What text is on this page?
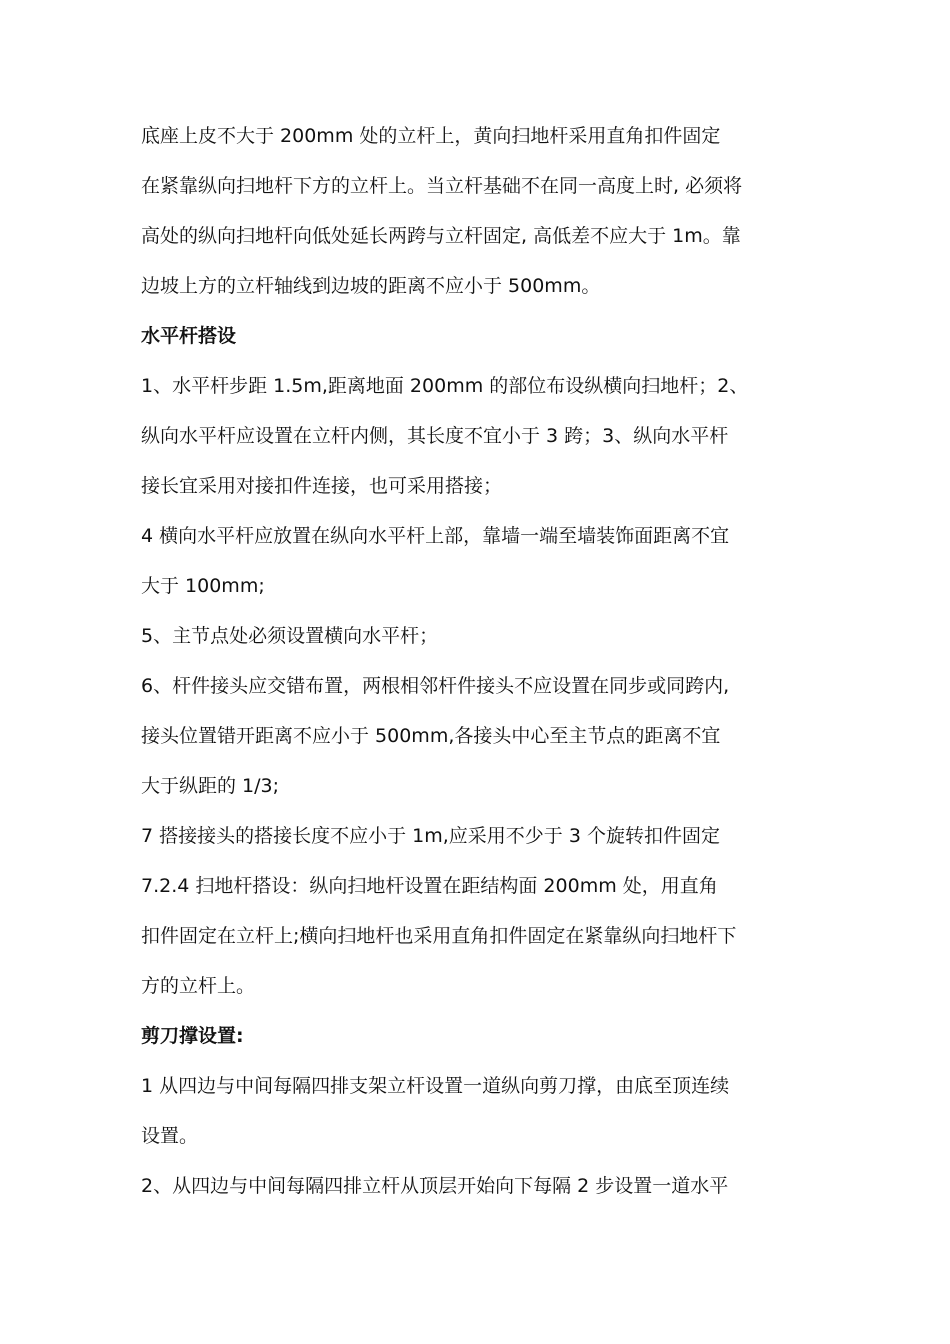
底座上皮不大于 200mm 处的立杆上，黄向扫地杆采用直角扣件固定
在紧靠纵向扫地杆下方的立杆上。当立杆基础不在同一高度上时, 必须将
高处的纵向扫地杆向低处延长两跨与立杆固定, 高低差不应大于 1m。靠
边坡上方的立杆轴线到边坡的距离不应小于 500mm。
水平杆搭设
1、水平杆步距 1.5m,距离地面 200mm 的部位布设纵横向扫地杆；2、
纵向水平杆应设置在立杆内侧，其长度不宜小于 3 跨；3、纵向水平杆
接长宜采用对接扣件连接，也可采用搭接；
4 横向水平杆应放置在纵向水平杆上部，靠墙一端至墙装饰面距离不宜
大于 100mm;
5、主节点处必须设置横向水平杆；
6、杆件接头应交错布置，两根相邻杆件接头不应设置在同步或同跨内,
接头位置错开距离不应小于 500mm,各接头中心至主节点的距离不宜
大于纵距的 1/3;
7 搭接接头的搭接长度不应小于 1m,应采用不少于 3 个旋转扣件固定
7.2.4 扫地杆搭设：纵向扫地杆设置在距结构面 200mm 处，用直角
扣件固定在立杆上;横向扫地杆也采用直角扣件固定在紧靠纵向扫地杆下
方的立杆上。
剪刀撑设置:
1 从四边与中间每隔四排支架立杆设置一道纵向剪刀撑，由底至顶连续
设置。
2、从四边与中间每隔四排立杆从顶层开始向下每隔 2 步设置一道水平
